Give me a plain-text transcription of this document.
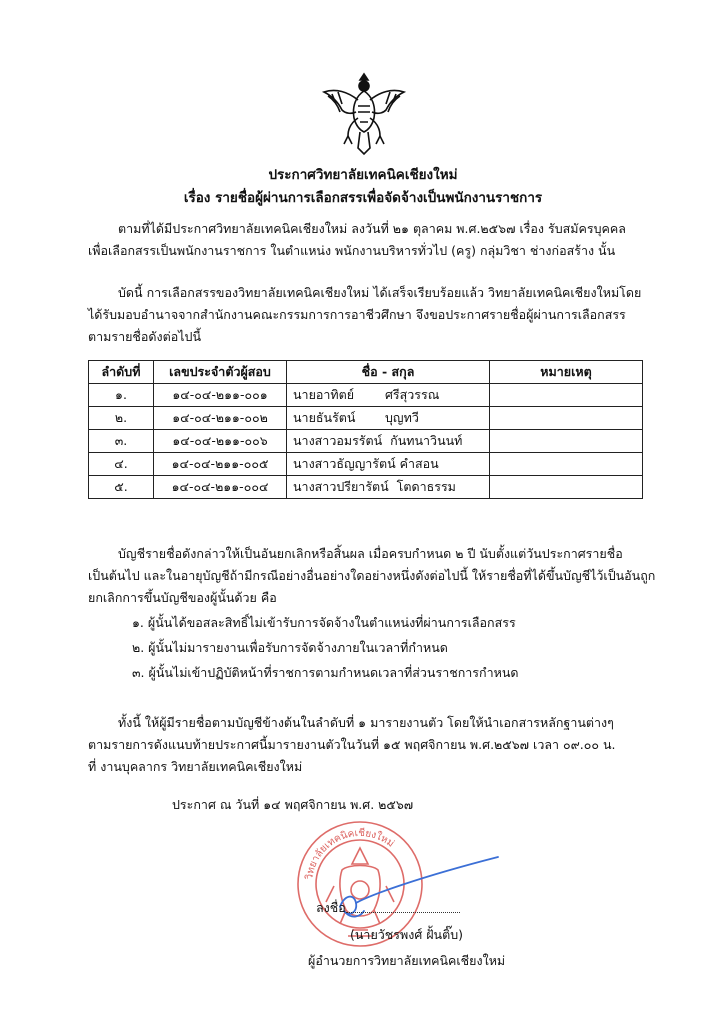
ประกาศวิทยาลัยเทคนิคเชียงใหม่
เรื่อง รายชื่อผู้ผ่านการเลือกสรรเพื่อจัดจ้างเป็นพนักงานราชการ
ตามที่ได้มีประกาศวิทยาลัยเทคนิคเชียงใหม่ ลงวันที่ ๒๑ ตุลาคม พ.ศ.๒๕๖๗ เรื่อง รับสมัครบุคคล
เพื่อเลือกสรรเป็นพนักงานราชการ ในตำแหน่ง พนักงานบริหารทั่วไป (ครู) กลุ่มวิชา ช่างก่อสร้าง นั้น
บัดนี้ การเลือกสรรของวิทยาลัยเทคนิคเชียงใหม่ ได้เสร็จเรียบร้อยแล้ว วิทยาลัยเทคนิคเชียงใหม่โดย
ได้รับมอบอำนาจจากสำนักงานคณะกรรมการการอาชีวศึกษา จึงขอประกาศรายชื่อผู้ผ่านการเลือกสรร
ตามรายชื่อดังต่อไปนี้
ลำดับที่	เลขประจำตัวผู้สอบ	ชื่อ - สกุล	หมายเหตุ
๑.	๑๔-๐๔-๒๑๑-๐๐๑	นายอาทิตย์ ศรีสุวรรณ	
๒.	๑๔-๐๔-๒๑๑-๐๐๒	นายธันรัตน์ บุญทวี	
๓.	๑๔-๐๔-๒๑๑-๐๐๖	นางสาวอมรรัตน์ กันทนาวินนท์	
๔.	๑๔-๐๔-๒๑๑-๐๐๕	นางสาวธัญญารัตน์ คำสอน	
๕.	๑๔-๐๔-๒๑๑-๐๐๔	นางสาวปรียารัตน์ โตดาธรรม	
บัญชีรายชื่อดังกล่าวให้เป็นอันยกเลิกหรือสิ้นผล เมื่อครบกำหนด ๒ ปี นับตั้งแต่วันประกาศรายชื่อ
เป็นต้นไป และในอายุบัญชีถ้ามีกรณีอย่างอื่นอย่างใดอย่างหนึ่งดังต่อไปนี้ ให้รายชื่อที่ได้ขึ้นบัญชีไว้เป็นอันถูก
ยกเลิกการขึ้นบัญชีของผู้นั้นด้วย คือ
๑. ผู้นั้นได้ขอสละสิทธิ์ไม่เข้ารับการจัดจ้างในตำแหน่งที่ผ่านการเลือกสรร
๒. ผู้นั้นไม่มารายงานเพื่อรับการจัดจ้างภายในเวลาที่กำหนด
๓. ผู้นั้นไม่เข้าปฏิบัติหน้าที่ราชการตามกำหนดเวลาที่ส่วนราชการกำหนด
ทั้งนี้ ให้ผู้มีรายชื่อตามบัญชีข้างต้นในลำดับที่ ๑ มารายงานตัว โดยให้นำเอกสารหลักฐานต่างๆ
ตามรายการดังแนบท้ายประกาศนี้มารายงานตัวในวันที่ ๑๕ พฤศจิกายน พ.ศ.๒๕๖๗ เวลา ๐๙.๐๐ น.
ที่ งานบุคลากร วิทยาลัยเทคนิคเชียงใหม่
ประกาศ ณ วันที่ ๑๔ พฤศจิกายน พ.ศ. ๒๕๖๗
วิทยาลัยเทคนิคเชียงใหม่
ลงชื่อ
(นายวัชรพงศ์ ฝั้นติ๊บ)
ผู้อำนวยการวิทยาลัยเทคนิคเชียงใหม่
